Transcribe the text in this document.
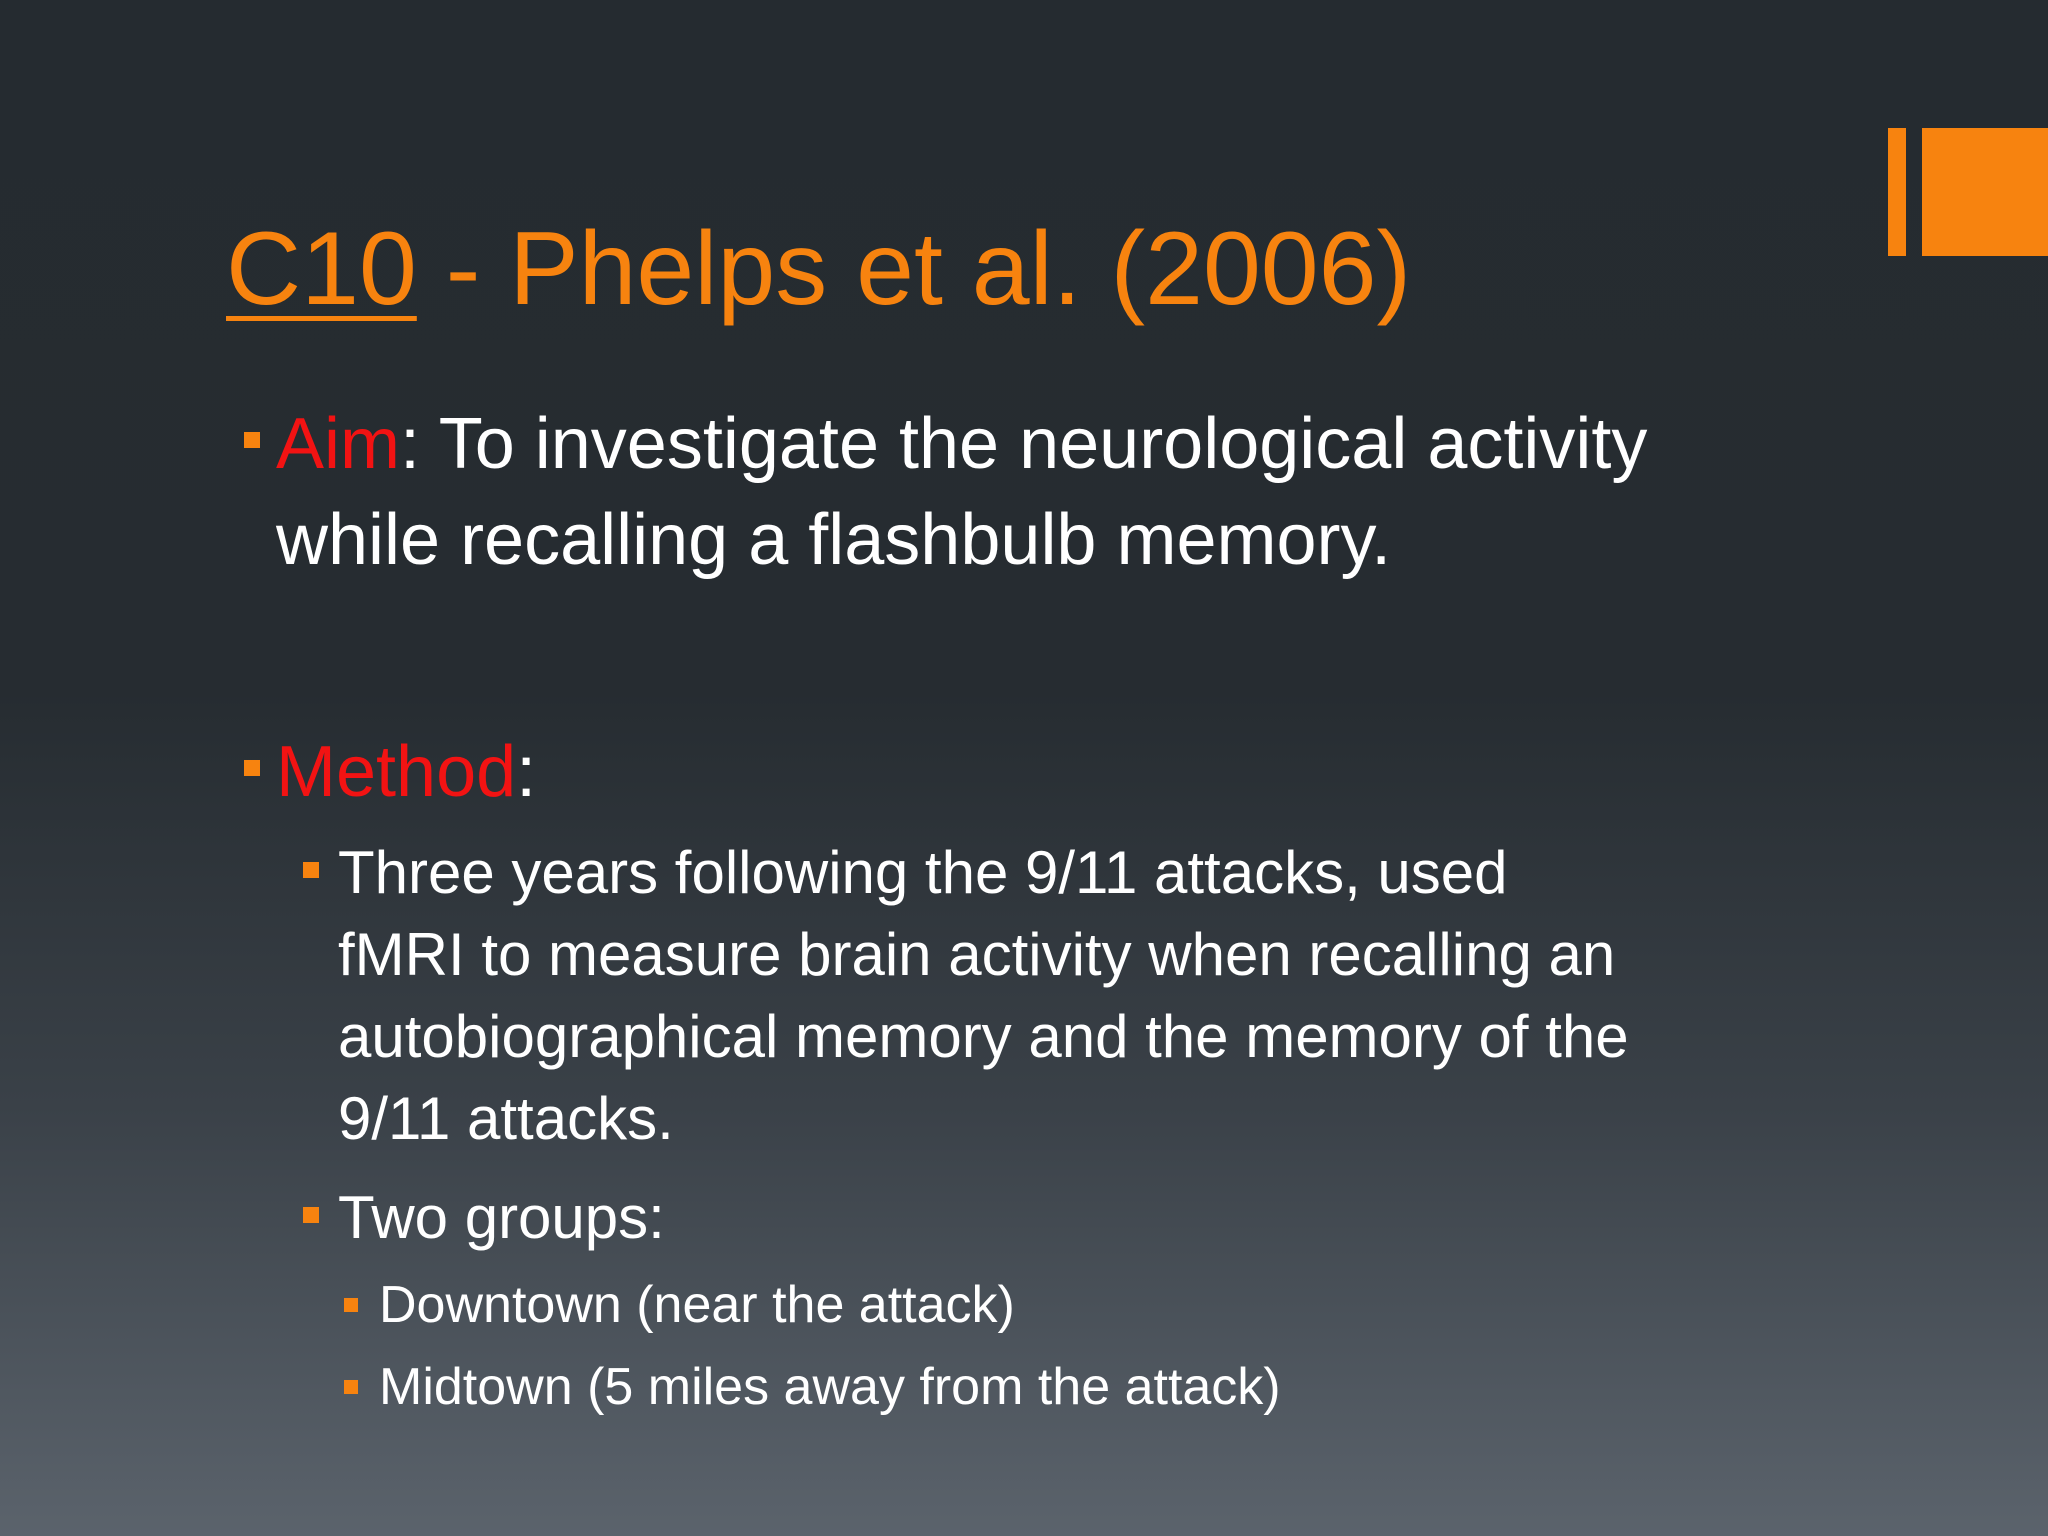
C10 - Phelps et al. (2006)
Aim: To investigate the neurological activity
while recalling a flashbulb memory.
Method:
Three years following the 9/11 attacks, used
fMRI to measure brain activity when recalling an
autobiographical memory and the memory of the
9/11 attacks.
Two groups:
Downtown (near the attack)
Midtown (5 miles away from the attack)
